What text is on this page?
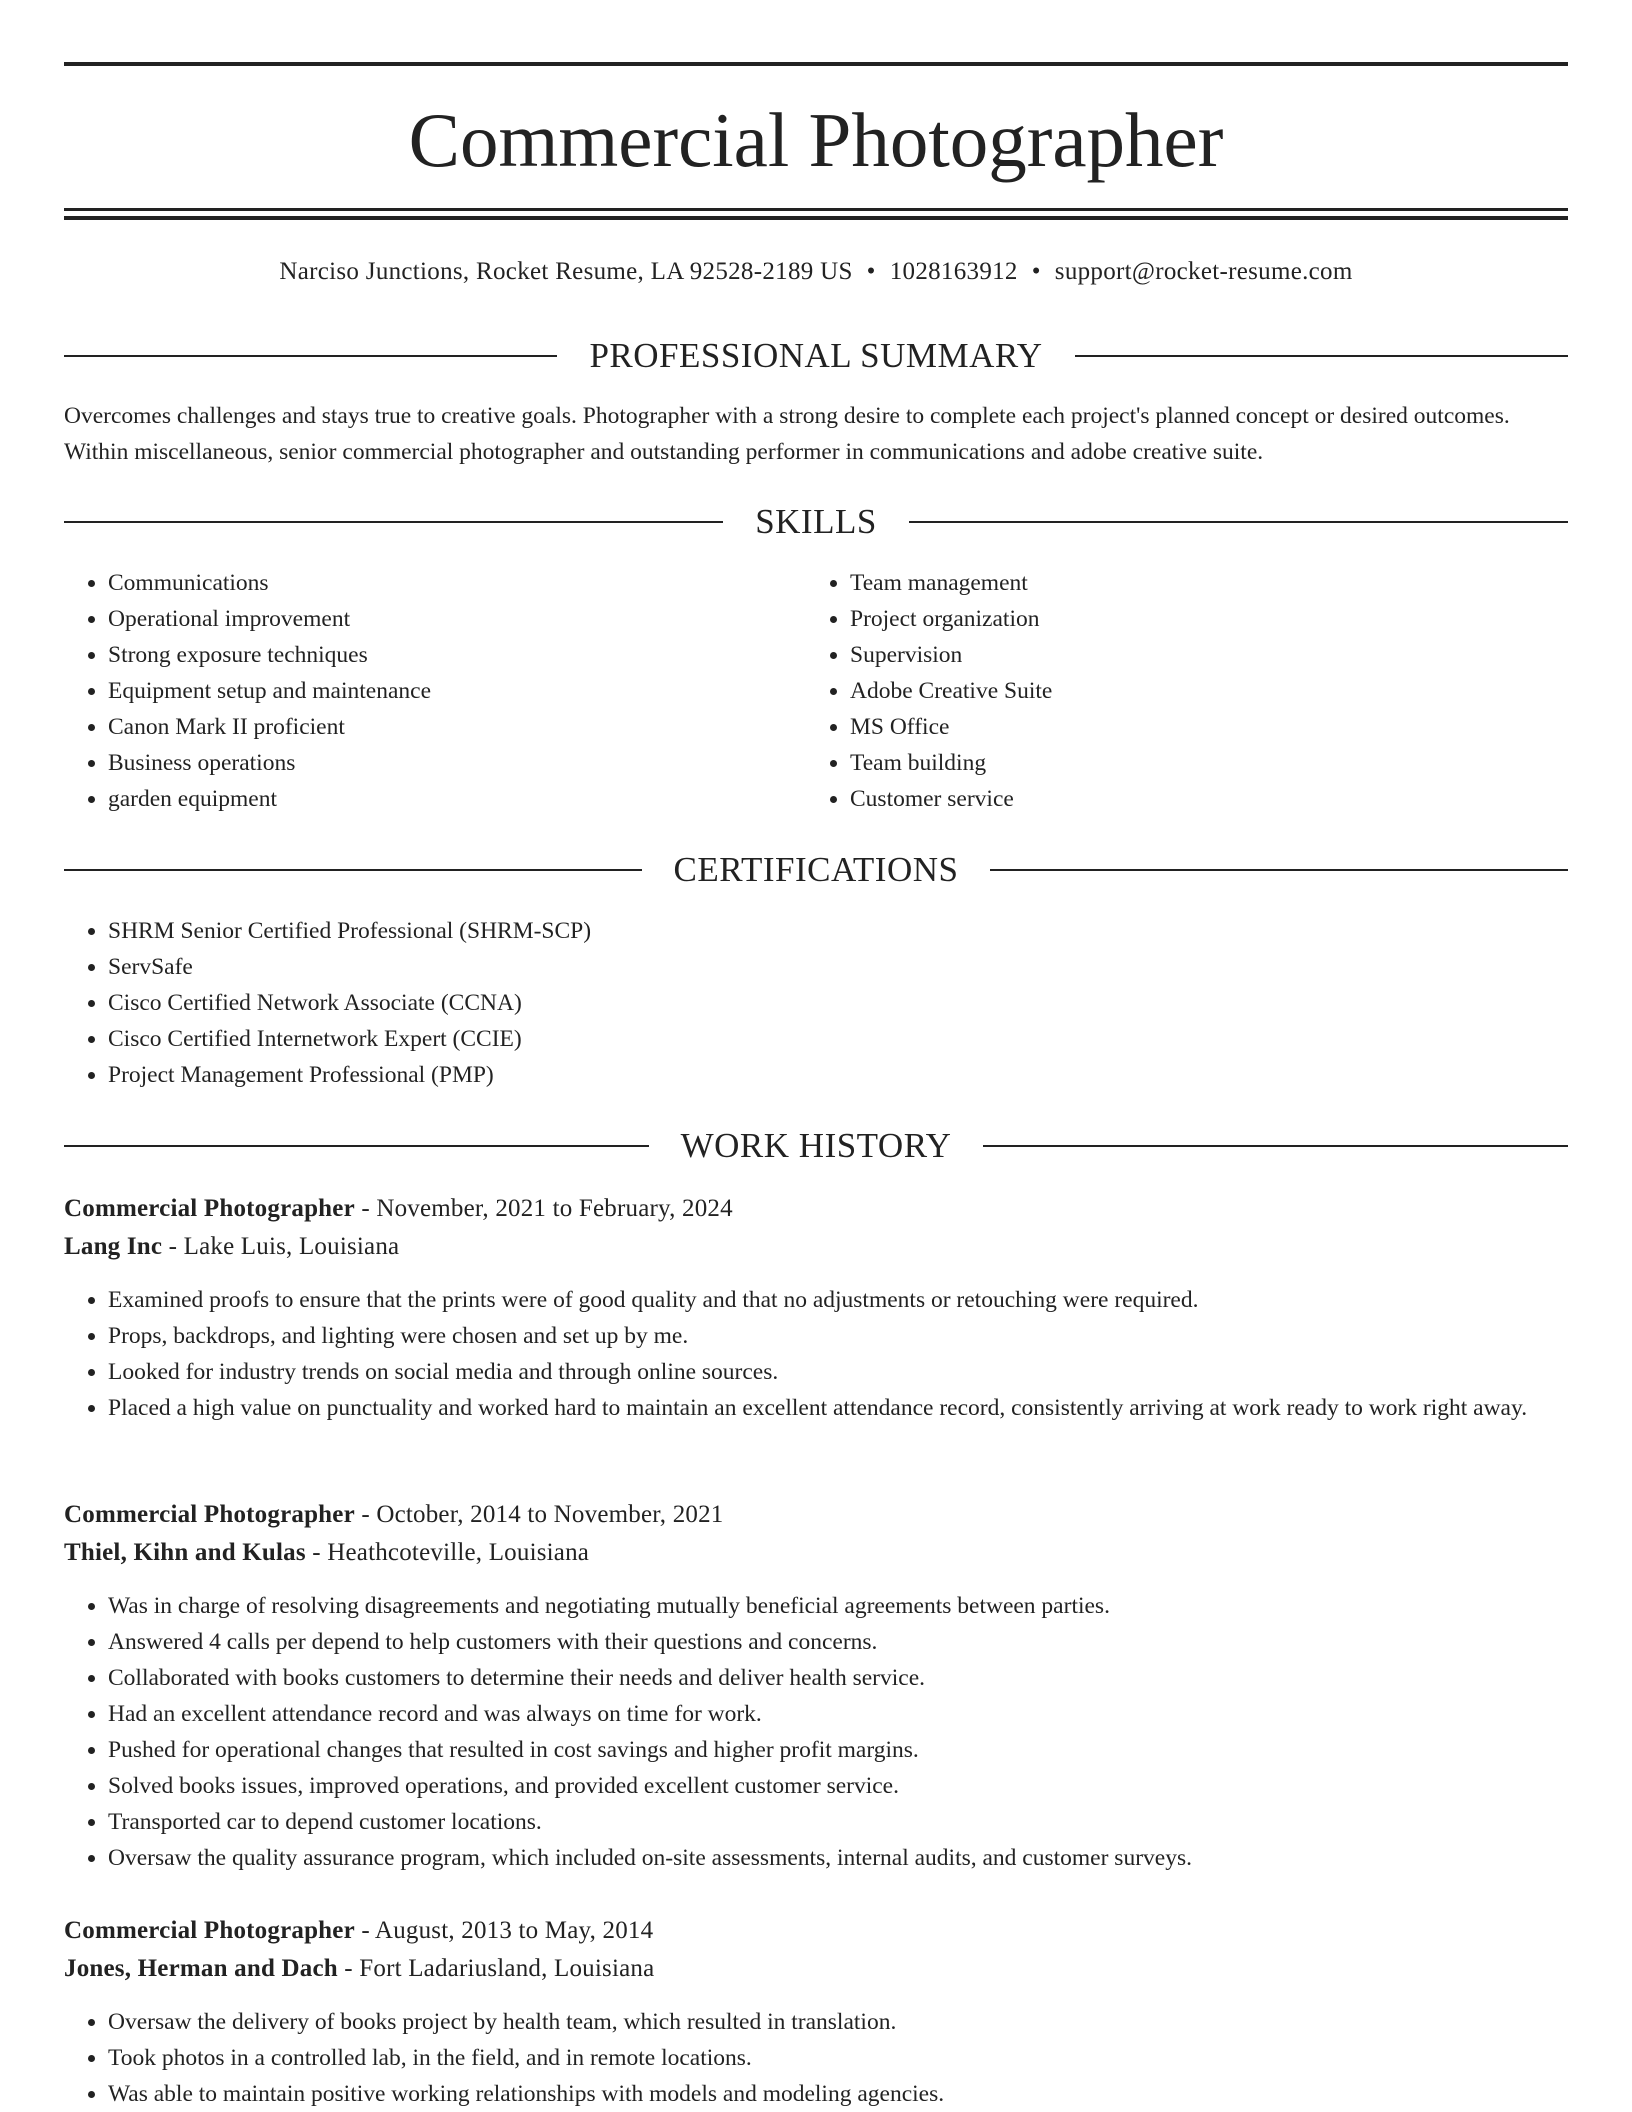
Commercial Photographer
Narciso Junctions, Rocket Resume, LA 92528-2189 US • 1028163912 • support@rocket-resume.com
PROFESSIONAL SUMMARY

Overcomes challenges and stays true to creative goals. Photographer with a strong desire to complete each project's planned concept or desired outcomes. Within miscellaneous, senior commercial photographer and outstanding performer in communications and adobe creative suite.

SKILLS
• Communications
• Operational improvement
• Strong exposure techniques
• Equipment setup and maintenance
• Canon Mark II proficient
• Business operations
• garden equipment
• Team management
• Project organization
• Supervision
• Adobe Creative Suite
• MS Office
• Team building
• Customer service
CERTIFICATIONS
• SHRM Senior Certified Professional (SHRM-SCP)
• ServSafe
• Cisco Certified Network Associate (CCNA)
• Cisco Certified Internetwork Expert (CCIE)
• Project Management Professional (PMP)
WORK HISTORY
Commercial Photographer - November, 2021 to February, 2024
Lang Inc - Lake Luis, Louisiana
• Examined proofs to ensure that the prints were of good quality and that no adjustments or retouching were required.
• Props, backdrops, and lighting were chosen and set up by me.
• Looked for industry trends on social media and through online sources.
• Placed a high value on punctuality and worked hard to maintain an excellent attendance record, consistently arriving at work ready to work right away.
Commercial Photographer - October, 2014 to November, 2021
Thiel, Kihn and Kulas - Heathcoteville, Louisiana
• Was in charge of resolving disagreements and negotiating mutually beneficial agreements between parties.
• Answered 4 calls per depend to help customers with their questions and concerns.
• Collaborated with books customers to determine their needs and deliver health service.
• Had an excellent attendance record and was always on time for work.
• Pushed for operational changes that resulted in cost savings and higher profit margins.
• Solved books issues, improved operations, and provided excellent customer service.
• Transported car to depend customer locations.
• Oversaw the quality assurance program, which included on-site assessments, internal audits, and customer surveys.
Commercial Photographer - August, 2013 to May, 2014
Jones, Herman and Dach - Fort Ladariusland, Louisiana
• Oversaw the delivery of books project by health team, which resulted in translation.
• Took photos in a controlled lab, in the field, and in remote locations.
• Was able to maintain positive working relationships with models and modeling agencies.
